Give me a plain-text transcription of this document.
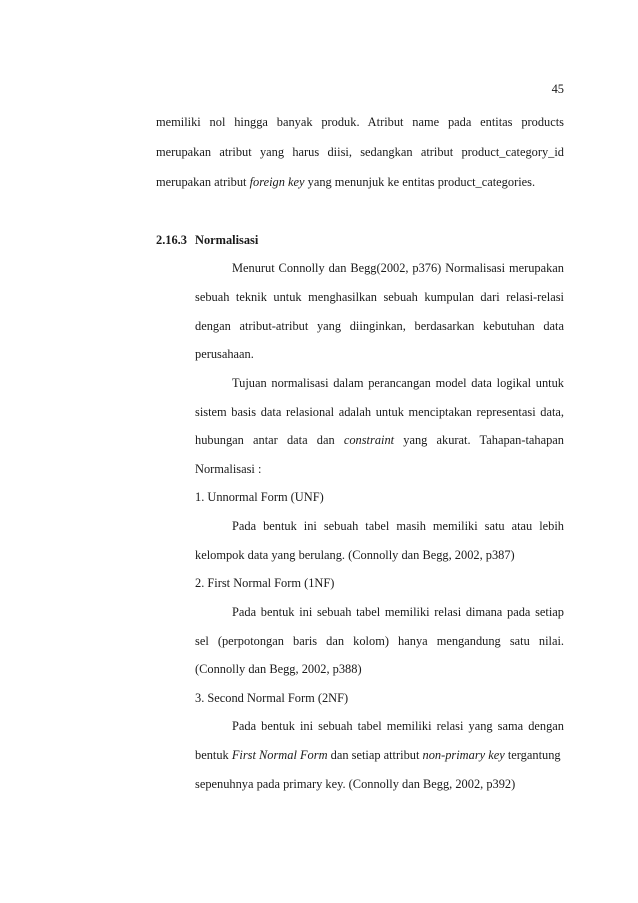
45
memiliki nol hingga banyak produk. Atribut name pada entitas products
merupakan atribut yang harus diisi, sedangkan atribut product_category_id
merupakan atribut foreign key yang menunjuk ke entitas product_categories.
2.16.3 Normalisasi
Menurut Connolly dan Begg(2002, p376) Normalisasi merupakan
sebuah teknik untuk menghasilkan sebuah kumpulan dari relasi-relasi
dengan atribut-atribut yang diinginkan, berdasarkan kebutuhan data
perusahaan.
Tujuan normalisasi dalam perancangan model data logikal untuk
sistem basis data relasional adalah untuk menciptakan representasi data,
hubungan antar data dan constraint yang akurat. Tahapan-tahapan
Normalisasi :
1. Unnormal Form (UNF)
Pada bentuk ini sebuah tabel masih memiliki satu atau lebih
kelompok data yang berulang. (Connolly dan Begg, 2002, p387)
2. First Normal Form (1NF)
Pada bentuk ini sebuah tabel memiliki relasi dimana pada setiap
sel (perpotongan baris dan kolom) hanya mengandung satu nilai.
(Connolly dan Begg, 2002, p388)
3. Second Normal Form (2NF)
Pada bentuk ini sebuah tabel memiliki relasi yang sama dengan
bentuk First Normal Form dan setiap attribut non-primary key tergantung
sepenuhnya pada primary key. (Connolly dan Begg, 2002, p392)
